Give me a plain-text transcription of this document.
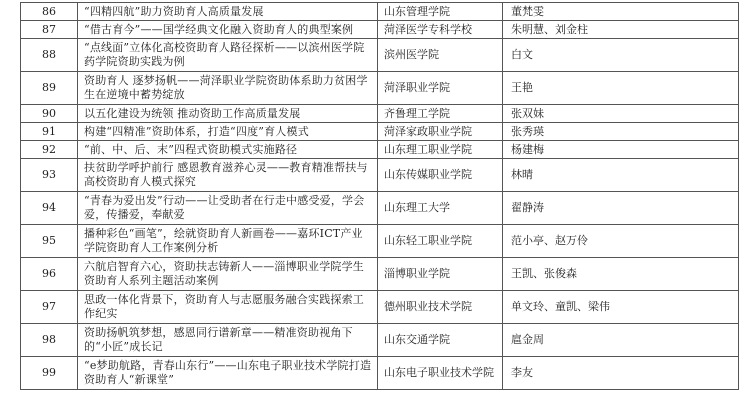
86	“四精四航”助力资助育人高质量发展	山东管理学院	董梵雯
87	“借古育今”——国学经典文化融入资助育人的典型案例	菏泽医学专科学校	朱明慧、刘金柱
88	“点线面”立体化高校资助育人路径探析——以滨州医学院药学院资助实践为例	滨州医学院	白文
89	资助育人 逐梦扬帆——菏泽职业学院资助体系助力贫困学生在逆境中蓄势绽放	菏泽职业学院	王艳
90	以五化建设为统领 推动资助工作高质量发展	齐鲁理工学院	张双妹
91	构建“四精准”资助体系，打造“四度”育人模式	菏泽家政职业学院	张秀瑛
92	“前、中、后、末”四程式资助模式实施路径	山东理工职业学院	杨建梅
93	扶贫助学呼护前行 感恩教育滋养心灵——教育精准帮扶与高校资助育人模式探究	山东传媒职业学院	林晴
94	“青春为爱出发”行动——让受助者在行走中感受爱，学会爱，传播爱，奉献爱	山东理工大学	翟静涛
95	播种彩色“画笔”，绘就资助育人新画卷——嘉环ICT产业学院资助育人工作案例分析	山东轻工职业学院	范小亭、赵万伶
96	六航启智育六心，资助扶志铸新人——淄博职业学院学生资助育人系列主题活动案例	淄博职业学院	王凯、张俊森
97	思政一体化背景下，资助育人与志愿服务融合实践探索工作纪实	德州职业技术学院	单文玲、童凯、梁伟
98	资助扬帆筑梦想，感恩同行谱新章——精准资助视角下的“小匠”成长记	山东交通学院	扈金周
99	“e梦助航路，青春山东行”——山东电子职业技术学院打造资助育人“新课堂”	山东电子职业技术学院	李友
